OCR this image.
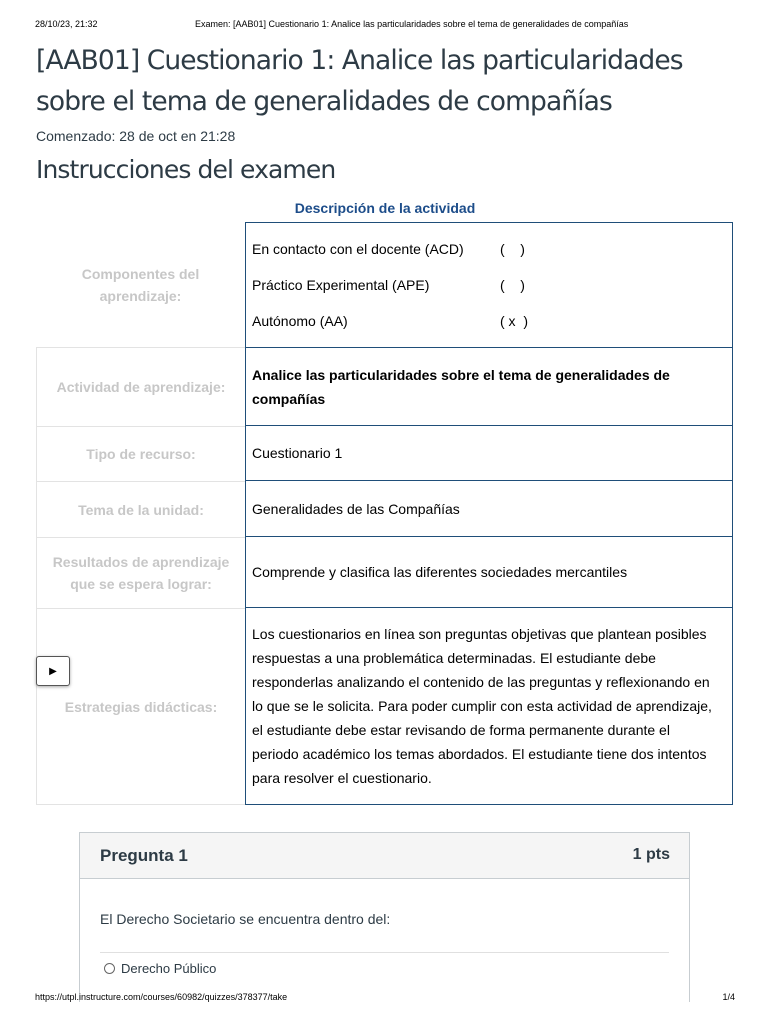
28/10/23, 21:32	Examen: [AAB01] Cuestionario 1: Analice las particularidades sobre el tema de generalidades de compañías
[AAB01] Cuestionario 1: Analice las particularidades sobre el tema de generalidades de compañías
Comenzado: 28 de oct en 21:28
Instrucciones del examen
Descripción de la actividad
Componentes del aprendizaje:
En contacto con el docente (ACD)	(    )
Práctico Experimental (APE)	(    )
Autónomo (AA)	( x  )
Actividad de aprendizaje:
Analice las particularidades sobre el tema de generalidades de compañías
Tipo de recurso:	Cuestionario 1
Tema de la unidad:	Generalidades de las Compañías
Resultados de aprendizaje que se espera lograr:
Comprende y clasifica las diferentes sociedades mercantiles
Estrategias didácticas:
Los cuestionarios en línea son preguntas objetivas que plantean posibles respuestas a una problemática determinadas. El estudiante debe responderlas analizando el contenido de las preguntas y reflexionando en lo que se le solicita. Para poder cumplir con esta actividad de aprendizaje, el estudiante debe estar revisando de forma permanente durante el periodo académico los temas abordados. El estudiante tiene dos intentos para resolver el cuestionario.
▶
Pregunta 1	1 pts
El Derecho Societario se encuentra dentro del:
Derecho Público
https://utpl.instructure.com/courses/60982/quizzes/378377/take	1/4
